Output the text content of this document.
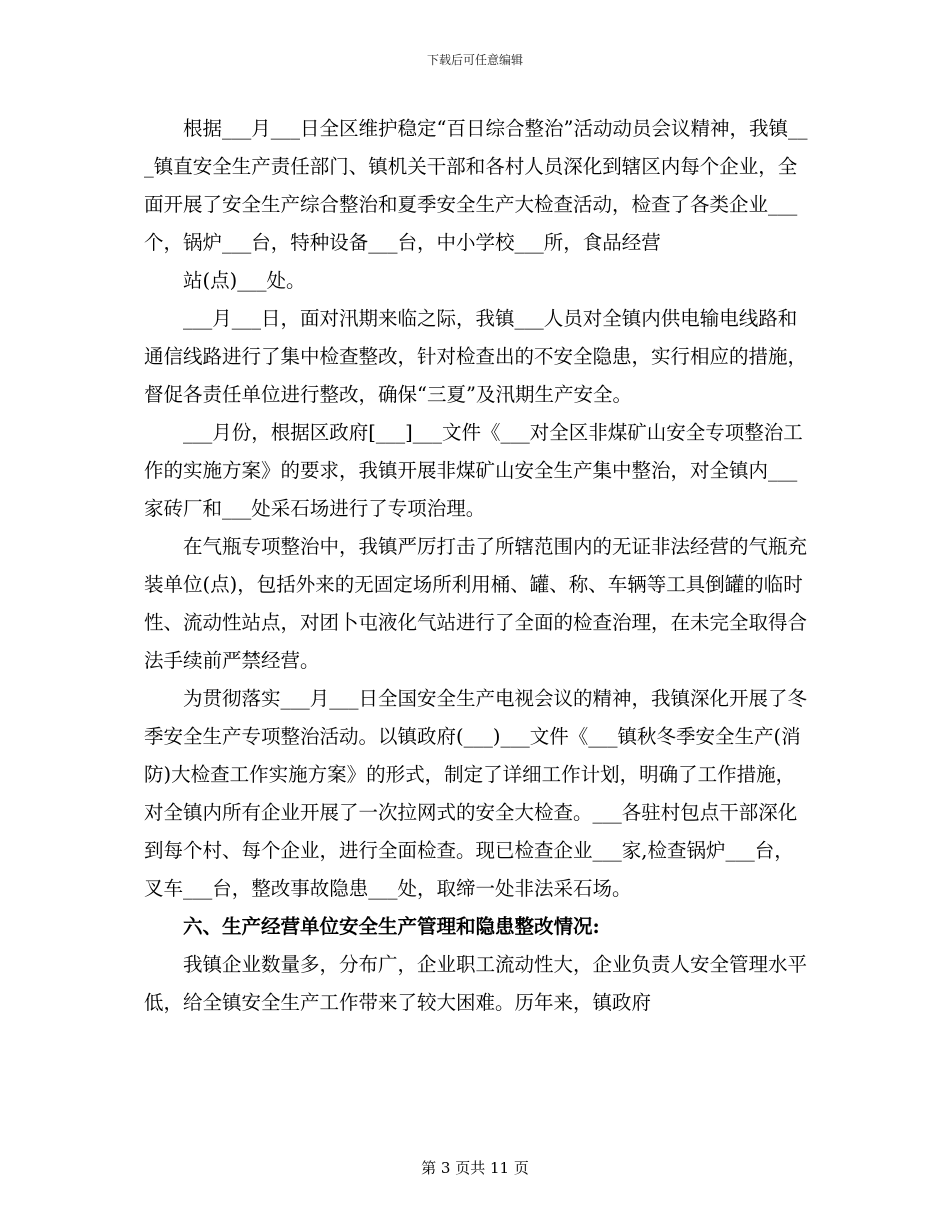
下载后可任意编辑

根据___月___日全区维护稳定“百日综合整治”活动动员会议精神，我镇___镇直安全生产责任部门、镇机关干部和各村人员深化到辖区内每个企业，全面开展了安全生产综合整治和夏季安全生产大检查活动，检查了各类企业___个，锅炉___台，特种设备___台，中小学校___所，食品经营

站(点)___处。

___月___日，面对汛期来临之际，我镇___人员对全镇内供电输电线路和通信线路进行了集中检查整改，针对检查出的不安全隐患，实行相应的措施，督促各责任单位进行整改，确保“三夏”及汛期生产安全。

___月份，根据区政府[___]___文件《___对全区非煤矿山安全专项整治工作的实施方案》的要求，我镇开展非煤矿山安全生产集中整治，对全镇内___家砖厂和___处采石场进行了专项治理。

在气瓶专项整治中，我镇严厉打击了所辖范围内的无证非法经营的气瓶充装单位(点)，包括外来的无固定场所利用桶、罐、称、车辆等工具倒罐的临时性、流动性站点，对团卜屯液化气站进行了全面的检查治理，在未完全取得合法手续前严禁经营。

为贯彻落实___月___日全国安全生产电视会议的精神，我镇深化开展了冬季安全生产专项整治活动。以镇政府(___)___文件《___镇秋冬季安全生产(消防)大检查工作实施方案》的形式，制定了详细工作计划，明确了工作措施，对全镇内所有企业开展了一次拉网式的安全大检查。___各驻村包点干部深化到每个村、每个企业，进行全面检查。现已检查企业___家,检查锅炉___台，叉车___台，整改事故隐患___处，取缔一处非法采石场。

六、生产经营单位安全生产管理和隐患整改情况:

我镇企业数量多，分布广，企业职工流动性大，企业负责人安全管理水平低，给全镇安全生产工作带来了较大困难。历年来，镇政府

第 3 页共 11 页
